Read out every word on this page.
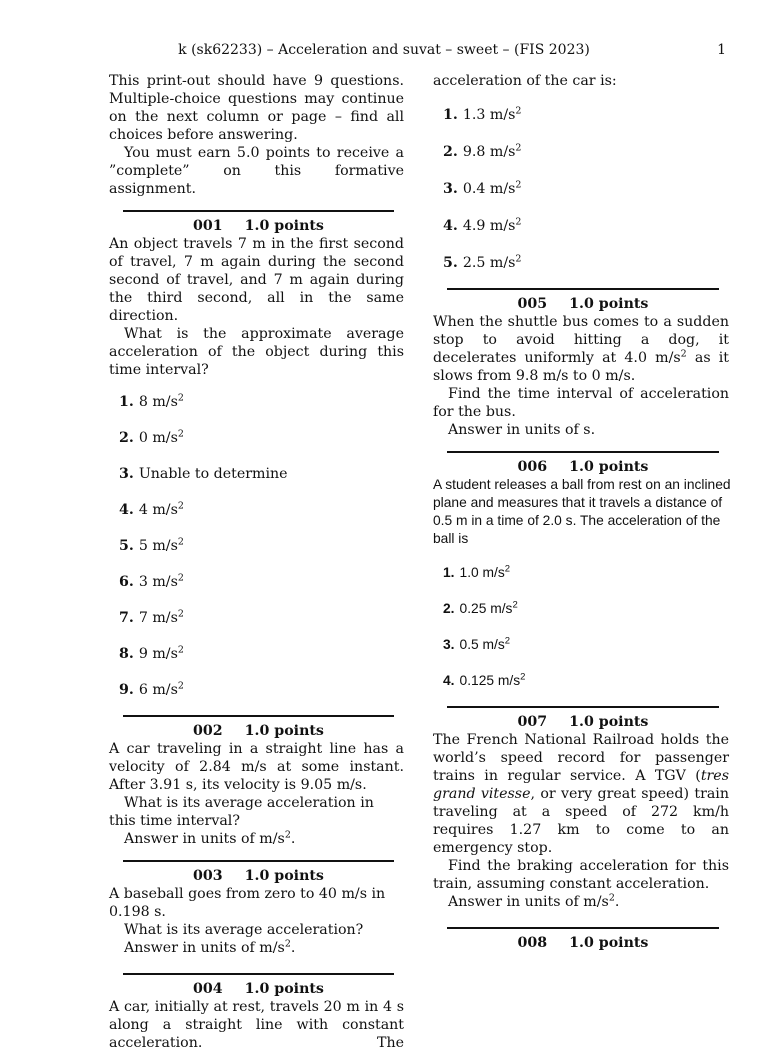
k (sk62233) – Acceleration and suvat – sweet – (FIS 2023)	1

This print-out should have 9 questions. Multiple-choice questions may continue on the next column or page – find all choices before answering.

You must earn 5.0 points to receive a ”complete” on this formative assignment.

001 1.0 points

An object travels 7 m in the first second of travel, 7 m again during the second second of travel, and 7 m again during the third second, all in the same direction.

What is the approximate average acceleration of the object during this time interval?

1. 8 $m/s^2$
2. 0 $m/s^2$
3. Unable to determine
4. 4 $m/s^2$
5. 5 $m/s^2$
6. 3 $m/s^2$
7. 7 $m/s^2$
8. 9 $m/s^2$
9. 6 $m/s^2$
002 1.0 points

A car traveling in a straight line has a velocity of 2.84 m/s at some instant. After 3.91 s, its velocity is 9.05 m/s.

What is its average acceleration in this time interval?

Answer in units of $m/s^2$.

003 1.0 points

A baseball goes from zero to 40 m/s in 0.198 s.

What is its average acceleration?

Answer in units of $m/s^2$.

004 1.0 points

A car, initially at rest, travels 20 m in 4 s along a straight line with constant acceleration. The

acceleration of the car is:

1. 1.3 $m/s^2$
2. 9.8 $m/s^2$
3. 0.4 $m/s^2$
4. 4.9 $m/s^2$
5. 2.5 $m/s^2$
005 1.0 points

When the shuttle bus comes to a sudden stop to avoid hitting a dog, it decelerates uniformly at 4.0 $m/s^2$ as it slows from 9.8 m/s to 0 m/s.

Find the time interval of acceleration for the bus.

Answer in units of s.

006 1.0 points

A student releases a ball from rest on an inclined plane and measures that it travels a distance of 0.5 m in a time of 2.0 s. The acceleration of the ball is

1. 1.0 $m/s^2$
2. 0.25 $m/s^2$
3. 0.5 $m/s^2$
4. 0.125 $m/s^2$
007 1.0 points

The French National Railroad holds the world’s speed record for passenger trains in regular service. A TGV (tres grand vitesse, or very great speed) train traveling at a speed of 272 km/h requires 1.27 km to come to an emergency stop.

Find the braking acceleration for this train, assuming constant acceleration.

Answer in units of $m/s^2$.

008 1.0 points
